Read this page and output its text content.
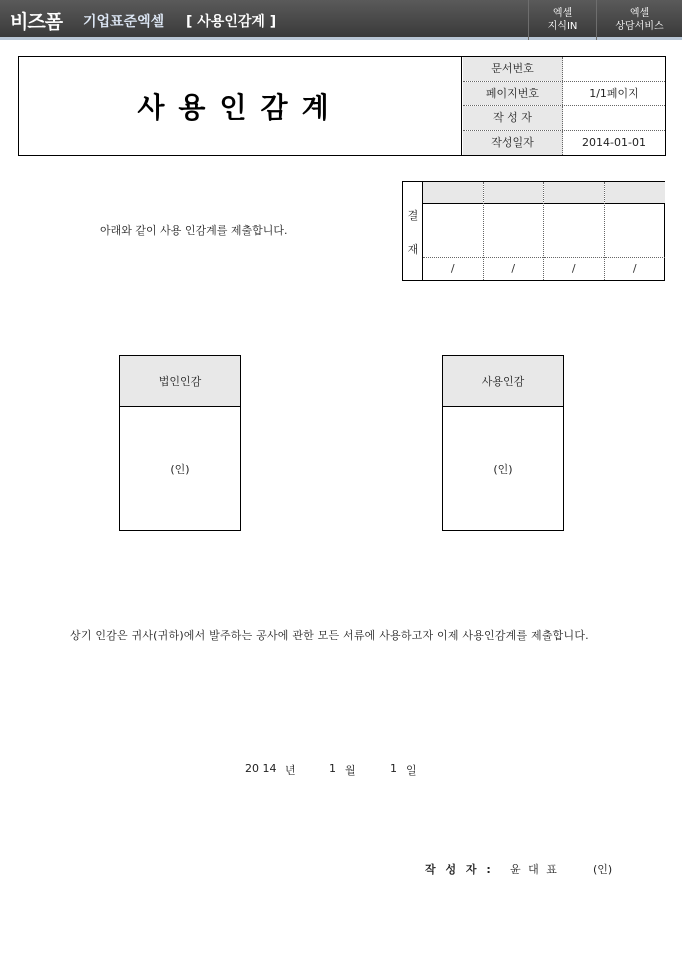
비즈폼 기업표준엑셀 [ 사용인감계 ]
엑셀
지식IN
엑셀
상담서비스
사용인감계
문서번호
페이지번호	1/1페이지
작 성 자
작성일자	2014-01-01
아래와 같이 사용 인감계를 제출합니다.
결
재
/	/	/	/
법인인감
(인)
사용인감
(인)
상기 인감은 귀사(귀하)에서 발주하는 공사에 관한 모든 서류에 사용하고자 이제 사용인감계를 제출합니다.
20 14 년	1 월	1 일
작 성 자 : 윤 대 표	(인)
